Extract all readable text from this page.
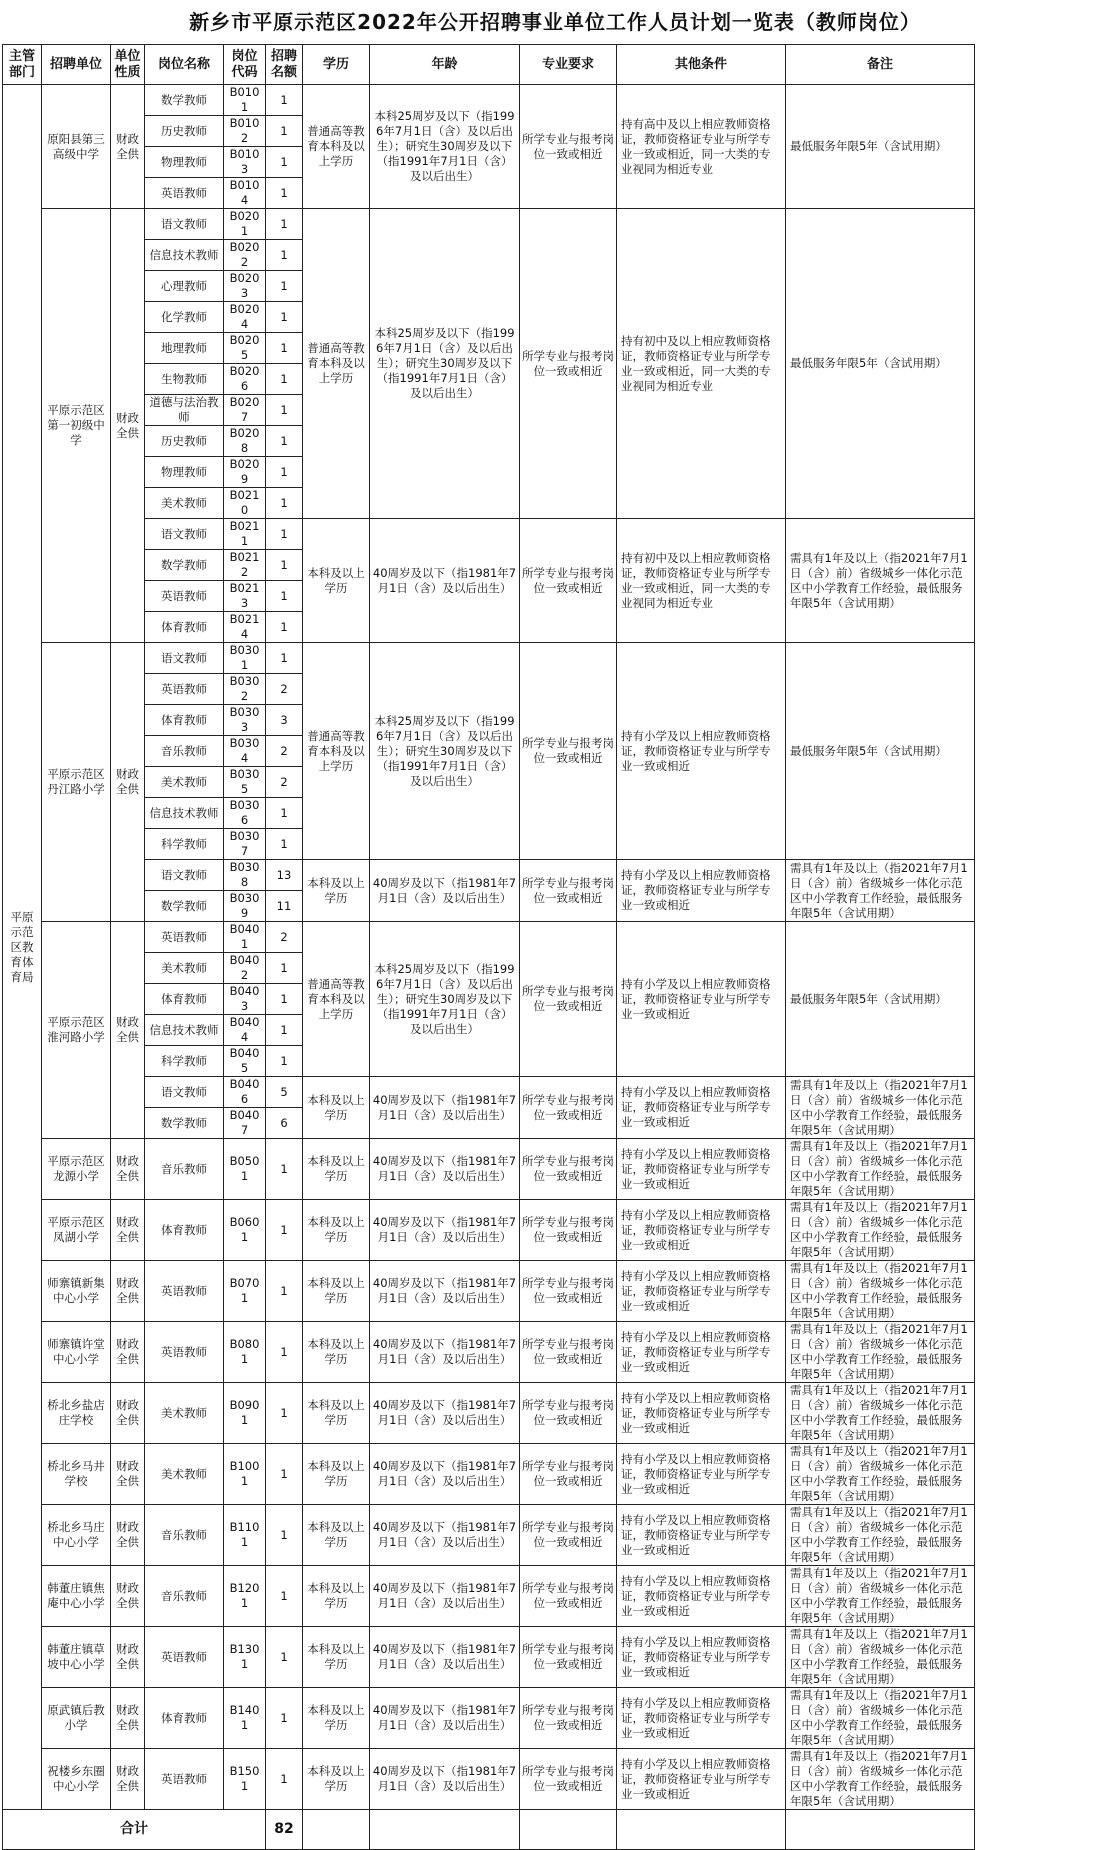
新乡市平原示范区2022年公开招聘事业单位工作人员计划一览表（教师岗位）
主管部门	招聘单位	单位性质	岗位名称	岗位代码	招聘名额	学历	年龄	专业要求	其他条件	备注
平原示范区教育体育局	原阳县第三高级中学	财政全供	数学教师	B0101	1	普通高等教育本科及以上学历	本科25周岁及以下（指1996年7月1日（含）及以后出生）；研究生30周岁及以下（指1991年7月1日（含）及以后出生）	所学专业与报考岗位一致或相近	持有高中及以上相应教师资格证，教师资格证专业与所学专业一致或相近，同一大类的专业视同为相近专业	最低服务年限5年（含试用期）
			历史教师	B0102	1					
			物理教师	B0103	1					
			英语教师	B0104	1					
	平原示范区第一初级中学	财政全供	语文教师	B0201	1	普通高等教育本科及以上学历	本科25周岁及以下（指1996年7月1日（含）及以后出生）；研究生30周岁及以下（指1991年7月1日（含）及以后出生）	所学专业与报考岗位一致或相近	持有初中及以上相应教师资格证，教师资格证专业与所学专业一致或相近，同一大类的专业视同为相近专业	最低服务年限5年（含试用期）
			信息技术教师	B0202	1					
			心理教师	B0203	1					
			化学教师	B0204	1					
			地理教师	B0205	1					
			生物教师	B0206	1					
			道德与法治教师	B0207	1					
			历史教师	B0208	1					
			物理教师	B0209	1					
			美术教师	B0210	1					
			语文教师	B0211	1	本科及以上学历	40周岁及以下（指1981年7月1日（含）及以后出生）	所学专业与报考岗位一致或相近	持有初中及以上相应教师资格证，教师资格证专业与所学专业一致或相近，同一大类的专业视同为相近专业	需具有1年及以上（指2021年7月1日（含）前）省级城乡一体化示范区中小学教育工作经验，最低服务年限5年（含试用期）
			数学教师	B0212	1					
			英语教师	B0213	1					
			体育教师	B0214	1					
	平原示范区丹江路小学	财政全供	语文教师	B0301	1	普通高等教育本科及以上学历	本科25周岁及以下（指1996年7月1日（含）及以后出生）；研究生30周岁及以下（指1991年7月1日（含）及以后出生）	所学专业与报考岗位一致或相近	持有小学及以上相应教师资格证，教师资格证专业与所学专业一致或相近	最低服务年限5年（含试用期）
			英语教师	B0302	2					
			体育教师	B0303	3					
			音乐教师	B0304	2					
			美术教师	B0305	2					
			信息技术教师	B0306	1					
			科学教师	B0307	1					
			语文教师	B0308	13	本科及以上学历	40周岁及以下（指1981年7月1日（含）及以后出生）	所学专业与报考岗位一致或相近	持有小学及以上相应教师资格证，教师资格证专业与所学专业一致或相近	需具有1年及以上（指2021年7月1日（含）前）省级城乡一体化示范区中小学教育工作经验，最低服务年限5年（含试用期）
			数学教师	B0309	11					
	平原示范区淮河路小学	财政全供	英语教师	B0401	2	普通高等教育本科及以上学历	本科25周岁及以下（指1996年7月1日（含）及以后出生）；研究生30周岁及以下（指1991年7月1日（含）及以后出生）	所学专业与报考岗位一致或相近	持有小学及以上相应教师资格证，教师资格证专业与所学专业一致或相近	最低服务年限5年（含试用期）
			美术教师	B0402	1					
			体育教师	B0403	1					
			信息技术教师	B0404	1					
			科学教师	B0405	1					
			语文教师	B0406	5	本科及以上学历	40周岁及以下（指1981年7月1日（含）及以后出生）	所学专业与报考岗位一致或相近	持有小学及以上相应教师资格证，教师资格证专业与所学专业一致或相近	需具有1年及以上（指2021年7月1日（含）前）省级城乡一体化示范区中小学教育工作经验，最低服务年限5年（含试用期）
			数学教师	B0407	6					
	平原示范区龙源小学	财政全供	音乐教师	B0501	1	本科及以上学历	40周岁及以下（指1981年7月1日（含）及以后出生）	所学专业与报考岗位一致或相近	持有小学及以上相应教师资格证，教师资格证专业与所学专业一致或相近	需具有1年及以上（指2021年7月1日（含）前）省级城乡一体化示范区中小学教育工作经验，最低服务年限5年（含试用期）
	平原示范区凤湖小学	财政全供	体育教师	B0601	1	本科及以上学历	40周岁及以下（指1981年7月1日（含）及以后出生）	所学专业与报考岗位一致或相近	持有小学及以上相应教师资格证，教师资格证专业与所学专业一致或相近	需具有1年及以上（指2021年7月1日（含）前）省级城乡一体化示范区中小学教育工作经验，最低服务年限5年（含试用期）
	师寨镇新集中心小学	财政全供	英语教师	B0701	1	本科及以上学历	40周岁及以下（指1981年7月1日（含）及以后出生）	所学专业与报考岗位一致或相近	持有小学及以上相应教师资格证，教师资格证专业与所学专业一致或相近	需具有1年及以上（指2021年7月1日（含）前）省级城乡一体化示范区中小学教育工作经验，最低服务年限5年（含试用期）
	师寨镇许堂中心小学	财政全供	英语教师	B0801	1	本科及以上学历	40周岁及以下（指1981年7月1日（含）及以后出生）	所学专业与报考岗位一致或相近	持有小学及以上相应教师资格证，教师资格证专业与所学专业一致或相近	需具有1年及以上（指2021年7月1日（含）前）省级城乡一体化示范区中小学教育工作经验，最低服务年限5年（含试用期）
	桥北乡盐店庄学校	财政全供	美术教师	B0901	1	本科及以上学历	40周岁及以下（指1981年7月1日（含）及以后出生）	所学专业与报考岗位一致或相近	持有小学及以上相应教师资格证，教师资格证专业与所学专业一致或相近	需具有1年及以上（指2021年7月1日（含）前）省级城乡一体化示范区中小学教育工作经验，最低服务年限5年（含试用期）
	桥北乡马井学校	财政全供	美术教师	B1001	1	本科及以上学历	40周岁及以下（指1981年7月1日（含）及以后出生）	所学专业与报考岗位一致或相近	持有小学及以上相应教师资格证，教师资格证专业与所学专业一致或相近	需具有1年及以上（指2021年7月1日（含）前）省级城乡一体化示范区中小学教育工作经验，最低服务年限5年（含试用期）
	桥北乡马庄中心小学	财政全供	音乐教师	B1101	1	本科及以上学历	40周岁及以下（指1981年7月1日（含）及以后出生）	所学专业与报考岗位一致或相近	持有小学及以上相应教师资格证，教师资格证专业与所学专业一致或相近	需具有1年及以上（指2021年7月1日（含）前）省级城乡一体化示范区中小学教育工作经验，最低服务年限5年（含试用期）
	韩董庄镇焦庵中心小学	财政全供	音乐教师	B1201	1	本科及以上学历	40周岁及以下（指1981年7月1日（含）及以后出生）	所学专业与报考岗位一致或相近	持有小学及以上相应教师资格证，教师资格证专业与所学专业一致或相近	需具有1年及以上（指2021年7月1日（含）前）省级城乡一体化示范区中小学教育工作经验，最低服务年限5年（含试用期）
	韩董庄镇草坡中心小学	财政全供	英语教师	B1301	1	本科及以上学历	40周岁及以下（指1981年7月1日（含）及以后出生）	所学专业与报考岗位一致或相近	持有小学及以上相应教师资格证，教师资格证专业与所学专业一致或相近	需具有1年及以上（指2021年7月1日（含）前）省级城乡一体化示范区中小学教育工作经验，最低服务年限5年（含试用期）
	原武镇后教小学	财政全供	体育教师	B1401	1	本科及以上学历	40周岁及以下（指1981年7月1日（含）及以后出生）	所学专业与报考岗位一致或相近	持有小学及以上相应教师资格证，教师资格证专业与所学专业一致或相近	需具有1年及以上（指2021年7月1日（含）前）省级城乡一体化示范区中小学教育工作经验，最低服务年限5年（含试用期）
	祝楼乡东圈中心小学	财政全供	英语教师	B1501	1	本科及以上学历	40周岁及以下（指1981年7月1日（含）及以后出生）	所学专业与报考岗位一致或相近	持有小学及以上相应教师资格证，教师资格证专业与所学专业一致或相近	需具有1年及以上（指2021年7月1日（含）前）省级城乡一体化示范区中小学教育工作经验，最低服务年限5年（含试用期）
合计					82					
